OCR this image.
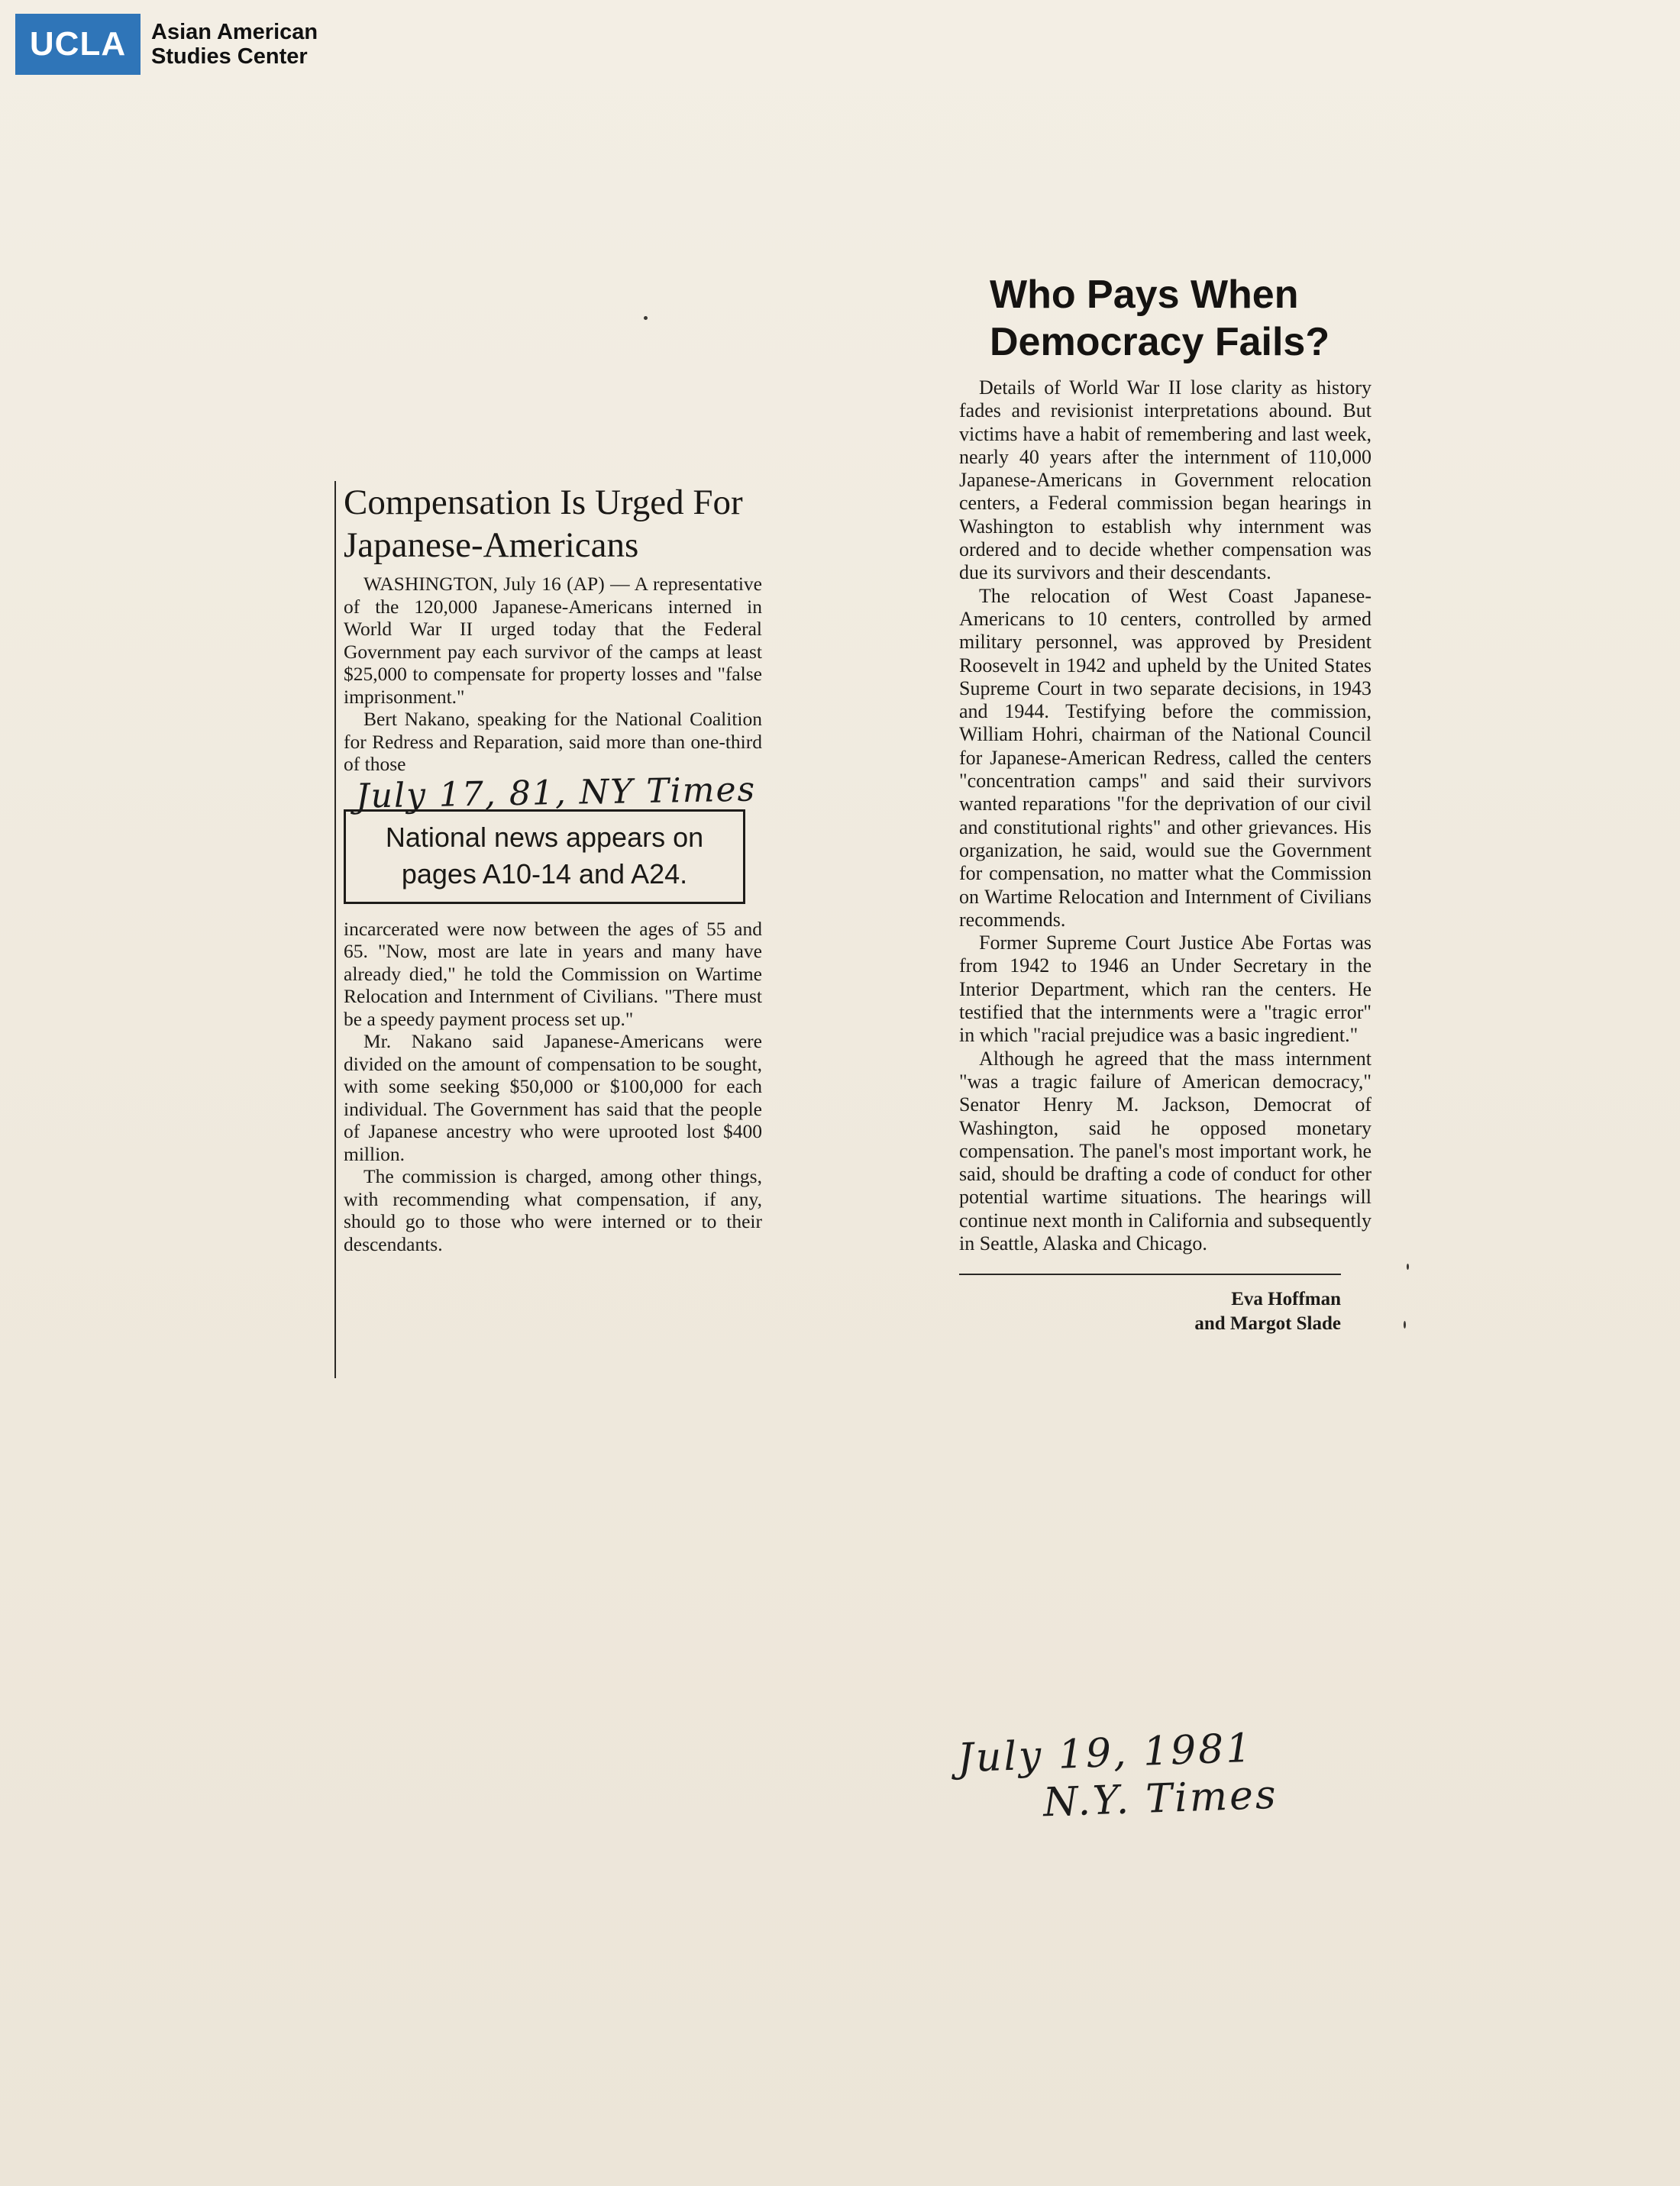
UCLA	Asian American
Studies Center
Compensation Is Urged For Japanese-Americans

WASHINGTON, July 16 (AP) — A representative of the 120,000 Japanese-Americans interned in World War II urged today that the Federal Government pay each survivor of the camps at least $25,000 to compensate for property losses and "false imprisonment."

Bert Nakano, speaking for the National Coalition for Redress and Reparation, said more than one-third of those

July 17, 81, NY Times
National news appears on
pages A10-14 and A24.

incarcerated were now between the ages of 55 and 65. "Now, most are late in years and many have already died," he told the Commission on Wartime Relocation and Internment of Civilians. "There must be a speedy payment process set up."

Mr. Nakano said Japanese-Americans were divided on the amount of compensation to be sought, with some seeking $50,000 or $100,000 for each individual. The Government has said that the people of Japanese ancestry who were uprooted lost $400 million.

The commission is charged, among other things, with recommending what compensation, if any, should go to those who were interned or to their descendants.

Who Pays When
Democracy Fails?

Details of World War II lose clarity as history fades and revisionist interpretations abound. But victims have a habit of remembering and last week, nearly 40 years after the internment of 110,000 Japanese-Americans in Government relocation centers, a Federal commission began hearings in Washington to establish why internment was ordered and to decide whether compensation was due its survivors and their descendants.

The relocation of West Coast Japanese-Americans to 10 centers, controlled by armed military personnel, was approved by President Roosevelt in 1942 and upheld by the United States Supreme Court in two separate decisions, in 1943 and 1944. Testifying before the commission, William Hohri, chairman of the National Council for Japanese-American Redress, called the centers "concentration camps" and said their survivors wanted reparations "for the deprivation of our civil and constitutional rights" and other grievances. His organization, he said, would sue the Government for compensation, no matter what the Commission on Wartime Relocation and Internment of Civilians recommends.

Former Supreme Court Justice Abe Fortas was from 1942 to 1946 an Under Secretary in the Interior Department, which ran the centers. He testified that the internments were a "tragic error" in which "racial prejudice was a basic ingredient."

Although he agreed that the mass internment "was a tragic failure of American democracy," Senator Henry M. Jackson, Democrat of Washington, said he opposed monetary compensation. The panel's most important work, he said, should be drafting a code of conduct for other potential wartime situations. The hearings will continue next month in California and subsequently in Seattle, Alaska and Chicago.

Eva Hoffman
and Margot Slade
July 19, 1981
N.Y. Times
